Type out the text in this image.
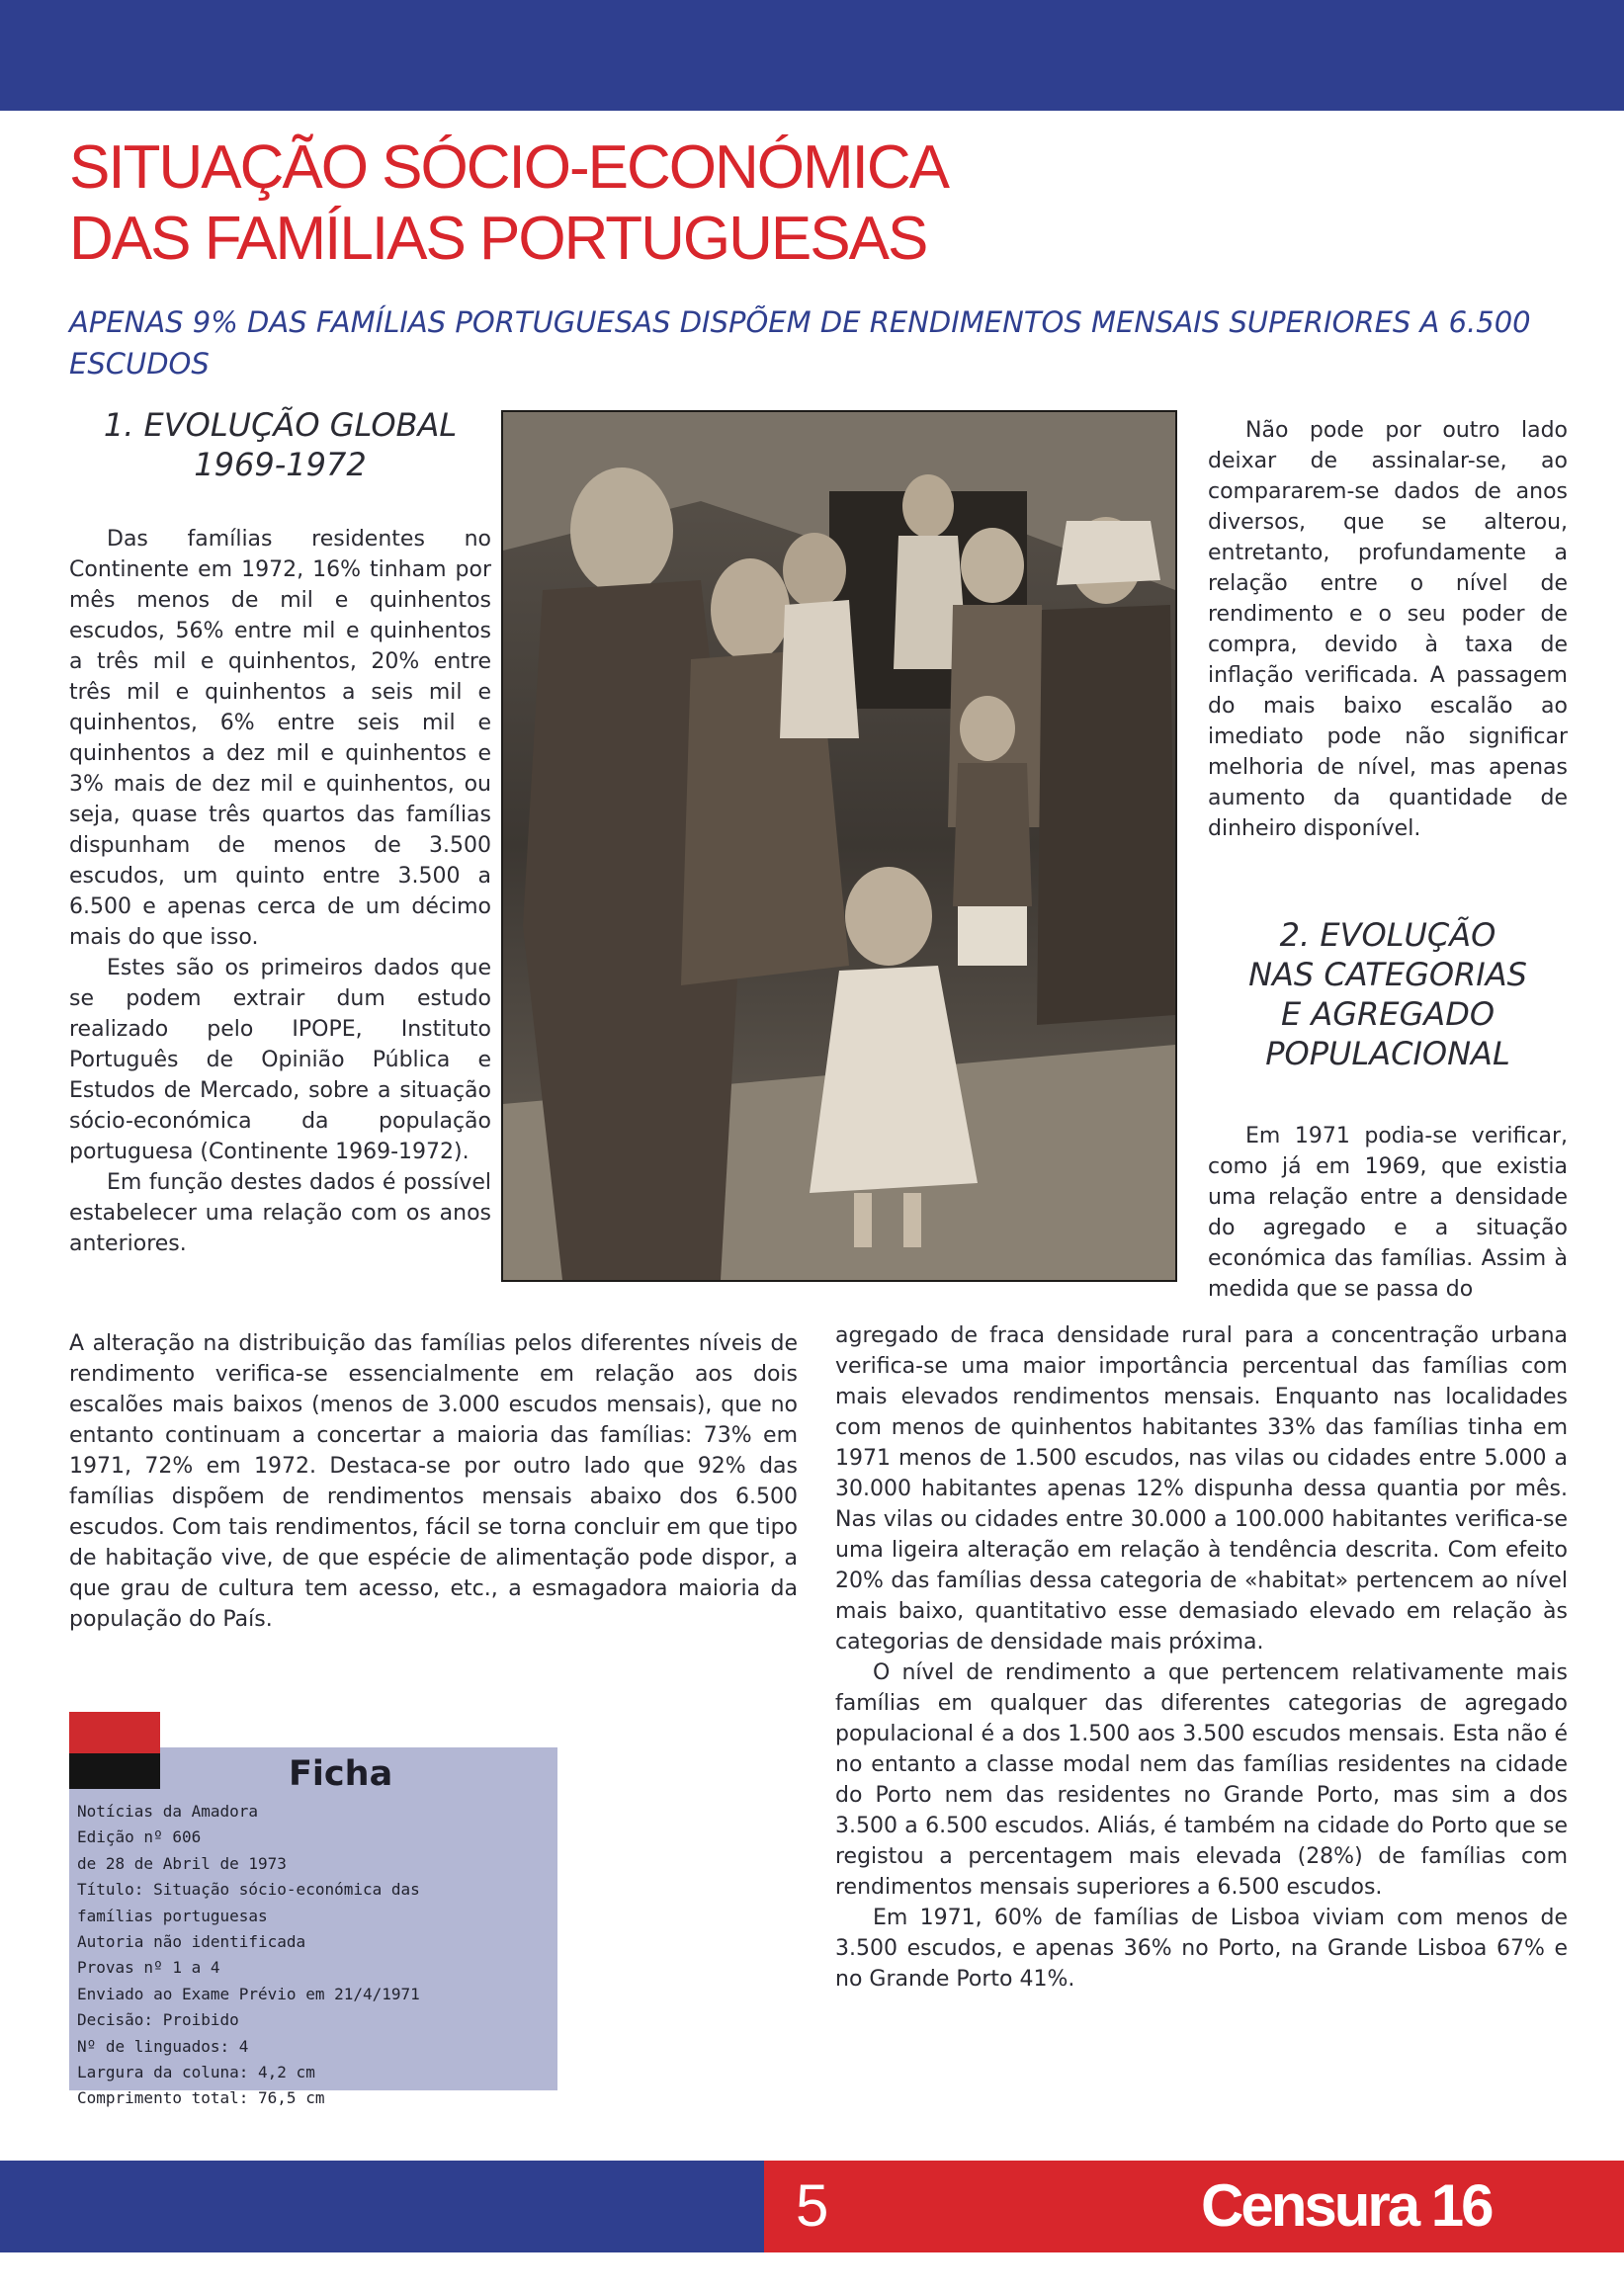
SITUAÇÃO SÓCIO-ECONÓMICA
DAS FAMÍLIAS PORTUGUESAS

APENAS 9% DAS FAMÍLIAS PORTUGUESAS DISPÕEM DE RENDIMENTOS MENSAIS SUPERIORES A 6.500 ESCUDOS

1. EVOLUÇÃO GLOBAL
1969-1972

Das famílias residentes no Continente em 1972, 16% tinham por mês menos de mil e quinhentos escudos, 56% entre mil e quinhentos a três mil e quinhentos, 20% entre três mil e quinhentos a seis mil e quinhentos, 6% entre seis mil e quinhentos a dez mil e quinhentos e 3% mais de dez mil e quinhentos, ou seja, quase três quartos das famílias dispunham de menos de 3.500 escudos, um quinto entre 3.500 a 6.500 e apenas cerca de um décimo mais do que isso.

Estes são os primeiros dados que se podem extrair dum estudo realizado pelo IPOPE, Instituto Português de Opinião Pública e Estudos de Mercado, sobre a situação sócio-económica da população portuguesa (Continente 1969-1972).

Em função destes dados é possível estabelecer uma relação com os anos anteriores.

A alteração na distribuição das famílias pelos diferentes níveis de rendimento verifica-se essencialmente em relação aos dois escalões mais baixos (menos de 3.000 escudos mensais), que no entanto continuam a concertar a maioria das famílias: 73% em 1971, 72% em 1972. Destaca-se por outro lado que 92% das famílias dispõem de rendimentos mensais abaixo dos 6.500 escudos. Com tais rendimentos, fácil se torna concluir em que tipo de habitação vive, de que espécie de alimentação pode dispor, a que grau de cultura tem acesso, etc., a esmagadora maioria da população do País.

Não pode por outro lado deixar de assinalar-se, ao compararem-se dados de anos diversos, que se alterou, entretanto, profundamente a relação entre o nível de rendimento e o seu poder de compra, devido à taxa de inflação verificada. A passagem do mais baixo escalão ao imediato pode não significar melhoria de nível, mas apenas aumento da quantidade de dinheiro disponível.

2. EVOLUÇÃO
NAS CATEGORIAS
E AGREGADO
POPULACIONAL

Em 1971 podia-se verificar, como já em 1969, que existia uma relação entre a densidade do agregado e a situação económica das famílias. Assim à medida que se passa do

agregado de fraca densidade rural para a concentração urbana verifica-se uma maior importância percentual das famílias com mais elevados rendimentos mensais. Enquanto nas localidades com menos de quinhentos habitantes 33% das famílias tinha em 1971 menos de 1.500 escudos, nas vilas ou cidades entre 5.000 a 30.000 habitantes apenas 12% dispunha dessa quantia por mês. Nas vilas ou cidades entre 30.000 a 100.000 habitantes verifica-se uma ligeira alteração em relação à tendência descrita. Com efeito 20% das famílias dessa categoria de «habitat» pertencem ao nível mais baixo, quantitativo esse demasiado elevado em relação às categorias de densidade mais próxima.

O nível de rendimento a que pertencem relativamente mais famílias em qualquer das diferentes categorias de agregado populacional é a dos 1.500 aos 3.500 escudos mensais. Esta não é no entanto a classe modal nem das famílias residentes na cidade do Porto nem das residentes no Grande Porto, mas sim a dos 3.500 a 6.500 escudos. Aliás, é também na cidade do Porto que se registou a percentagem mais elevada (28%) de famílias com rendimentos mensais superiores a 6.500 escudos.

Em 1971, 60% de famílias de Lisboa viviam com menos de 3.500 escudos, e apenas 36% no Porto, na Grande Lisboa 67% e no Grande Porto 41%.

Ficha
Notícias da Amadora
Edição nº 606
de 28 de Abril de 1973
Título: Situação sócio-económica das
famílias portuguesas
Autoria não identificada
Provas nº 1 a 4
Enviado ao Exame Prévio em 21/4/1971
Decisão: Proibido
Nº de linguados: 4
Largura da coluna: 4,2 cm
Comprimento total: 76,5 cm
5	Censura 16
